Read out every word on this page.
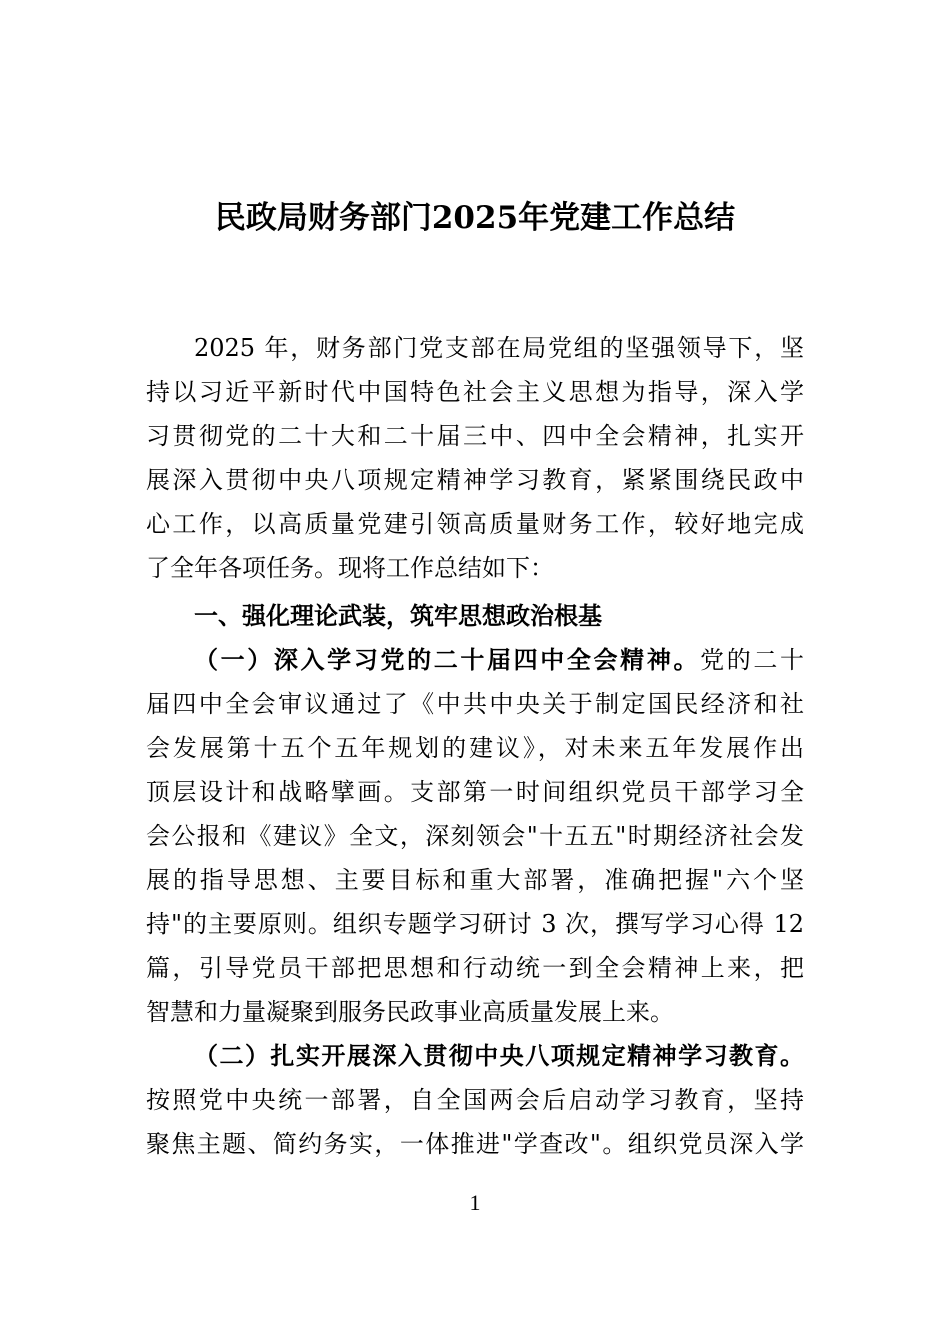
民政局财务部门2025年党建工作总结
2025 年，财务部门党支部在局党组的坚强领导下，坚
持以习近平新时代中国特色社会主义思想为指导，深入学
习贯彻党的二十大和二十届三中、四中全会精神，扎实开
展深入贯彻中央八项规定精神学习教育，紧紧围绕民政中
心工作，以高质量党建引领高质量财务工作，较好地完成
了全年各项任务。现将工作总结如下：
一、强化理论武装，筑牢思想政治根基
（一）深入学习党的二十届四中全会精神。党的二十
届四中全会审议通过了《中共中央关于制定国民经济和社
会发展第十五个五年规划的建议》，对未来五年发展作出
顶层设计和战略擘画。支部第一时间组织党员干部学习全
会公报和《建议》全文，深刻领会"十五五"时期经济社会发
展的指导思想、主要目标和重大部署，准确把握"六个坚
持"的主要原则。组织专题学习研讨 3 次，撰写学习心得 12
篇，引导党员干部把思想和行动统一到全会精神上来，把
智慧和力量凝聚到服务民政事业高质量发展上来。
（二）扎实开展深入贯彻中央八项规定精神学习教育。
按照党中央统一部署，自全国两会后启动学习教育，坚持
聚焦主题、简约务实，一体推进"学查改"。组织党员深入学
1
